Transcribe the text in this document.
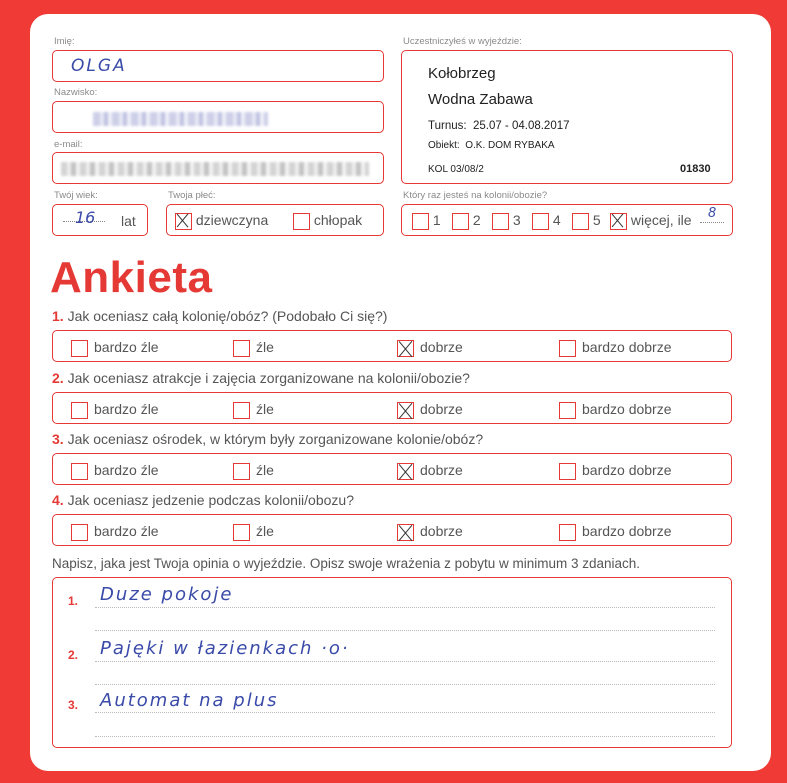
Imię:
OLGA
Nazwisko:
e-mail:
Twój wiek:
16 lat
Twoja płeć:
dziewczyna	chłopak
Uczestniczyłeś w wyjeździe:
Kołobrzeg
Wodna Zabawa
Turnus: 25.07 - 04.08.2017
Obiekt: O.K. DOM RYBAKA
KOL 03/08/2	01830
Który raz jesteś na kolonii/obozie?
1	2	3	4	5	więcej, ile 8
Ankieta
1. Jak oceniasz całą kolonię/obóz? (Podobało Ci się?)
bardzo źle	źle	dobrze	bardzo dobrze
2. Jak oceniasz atrakcje i zajęcia zorganizowane na kolonii/obozie?
bardzo źle	źle	dobrze	bardzo dobrze
3. Jak oceniasz ośrodek, w którym były zorganizowane kolonie/obóz?
bardzo źle	źle	dobrze	bardzo dobrze
4. Jak oceniasz jedzenie podczas kolonii/obozu?
bardzo źle	źle	dobrze	bardzo dobrze
Napisz, jaka jest Twoja opinia o wyjeździe. Opisz swoje wrażenia z pobytu w minimum 3 zdaniach.
1. Duze pokoje
2. Pajęki w łazienkach ·o·
3. Automat na plus
